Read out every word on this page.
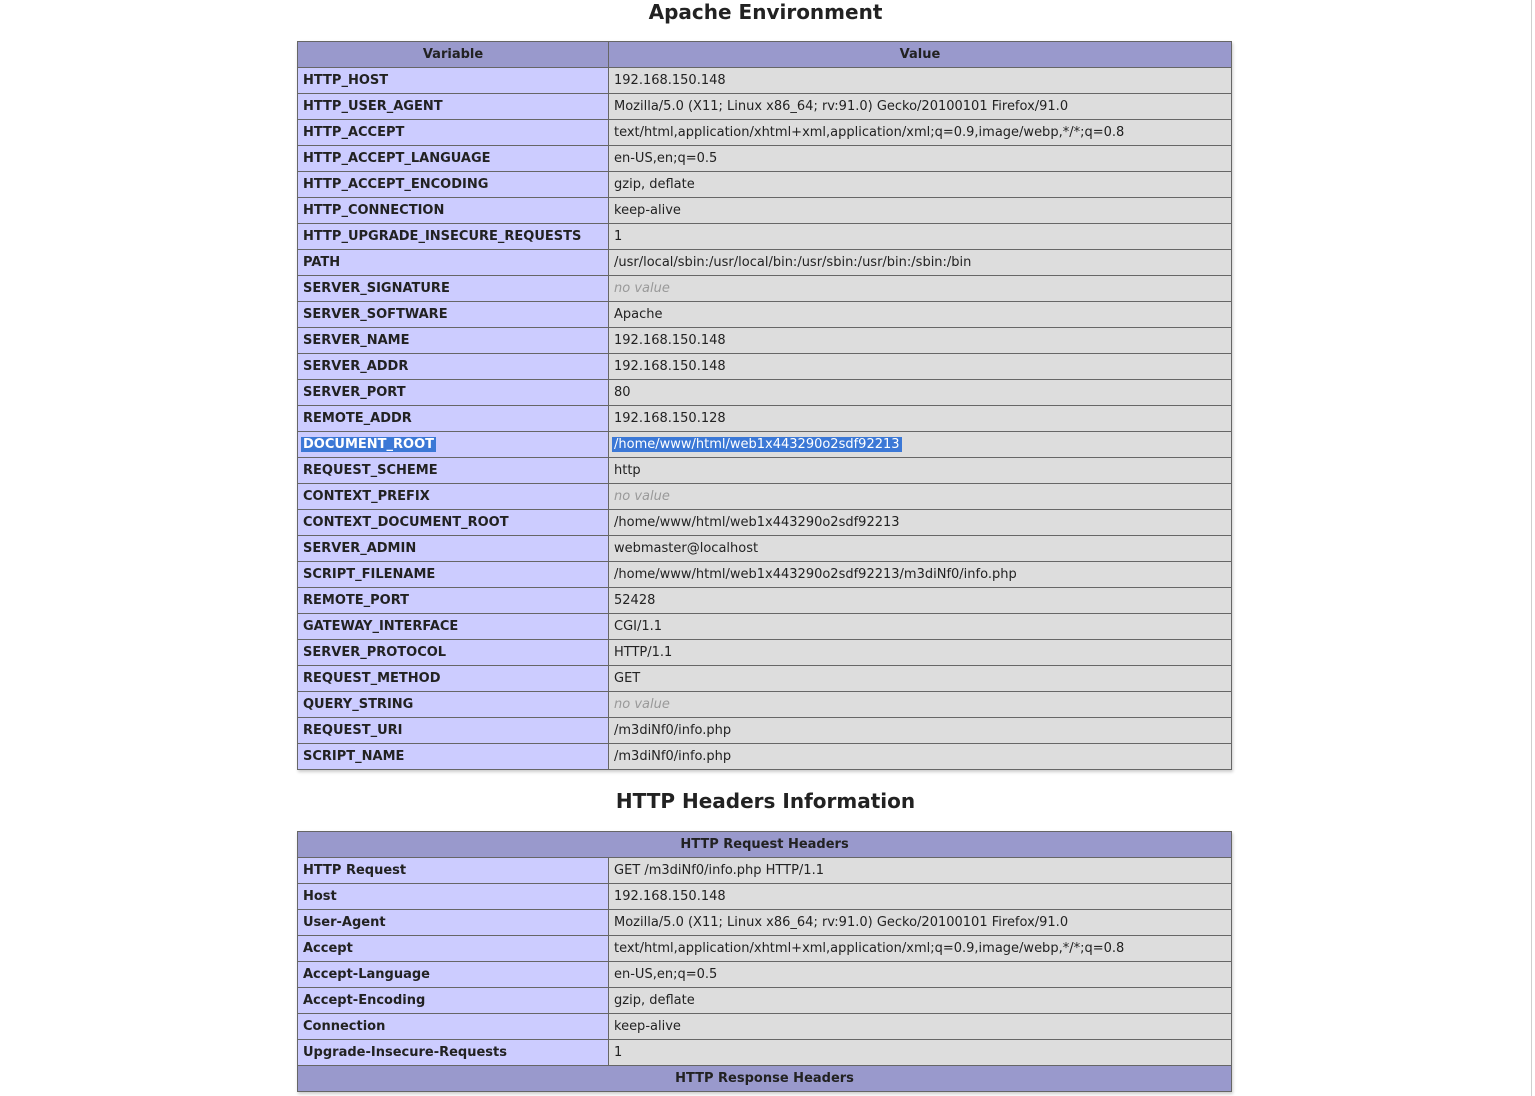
Apache Environment
Variable	Value
HTTP_HOST	192.168.150.148
HTTP_USER_AGENT	Mozilla/5.0 (X11; Linux x86_64; rv:91.0) Gecko/20100101 Firefox/91.0
HTTP_ACCEPT	text/html,application/xhtml+xml,application/xml;q=0.9,image/webp,*/*;q=0.8
HTTP_ACCEPT_LANGUAGE	en-US,en;q=0.5
HTTP_ACCEPT_ENCODING	gzip, deflate
HTTP_CONNECTION	keep-alive
HTTP_UPGRADE_INSECURE_REQUESTS	1
PATH	/usr/local/sbin:/usr/local/bin:/usr/sbin:/usr/bin:/sbin:/bin
SERVER_SIGNATURE	no value
SERVER_SOFTWARE	Apache
SERVER_NAME	192.168.150.148
SERVER_ADDR	192.168.150.148
SERVER_PORT	80
REMOTE_ADDR	192.168.150.128
DOCUMENT_ROOT	/home/www/html/web1x443290o2sdf92213
REQUEST_SCHEME	http
CONTEXT_PREFIX	no value
CONTEXT_DOCUMENT_ROOT	/home/www/html/web1x443290o2sdf92213
SERVER_ADMIN	webmaster@localhost
SCRIPT_FILENAME	/home/www/html/web1x443290o2sdf92213/m3diNf0/info.php
REMOTE_PORT	52428
GATEWAY_INTERFACE	CGI/1.1
SERVER_PROTOCOL	HTTP/1.1
REQUEST_METHOD	GET
QUERY_STRING	no value
REQUEST_URI	/m3diNf0/info.php
SCRIPT_NAME	/m3diNf0/info.php
HTTP Headers Information
HTTP Request Headers	
HTTP Request	GET /m3diNf0/info.php HTTP/1.1
Host	192.168.150.148
User-Agent	Mozilla/5.0 (X11; Linux x86_64; rv:91.0) Gecko/20100101 Firefox/91.0
Accept	text/html,application/xhtml+xml,application/xml;q=0.9,image/webp,*/*;q=0.8
Accept-Language	en-US,en;q=0.5
Accept-Encoding	gzip, deflate
Connection	keep-alive
Upgrade-Insecure-Requests	1
HTTP Response Headers	
